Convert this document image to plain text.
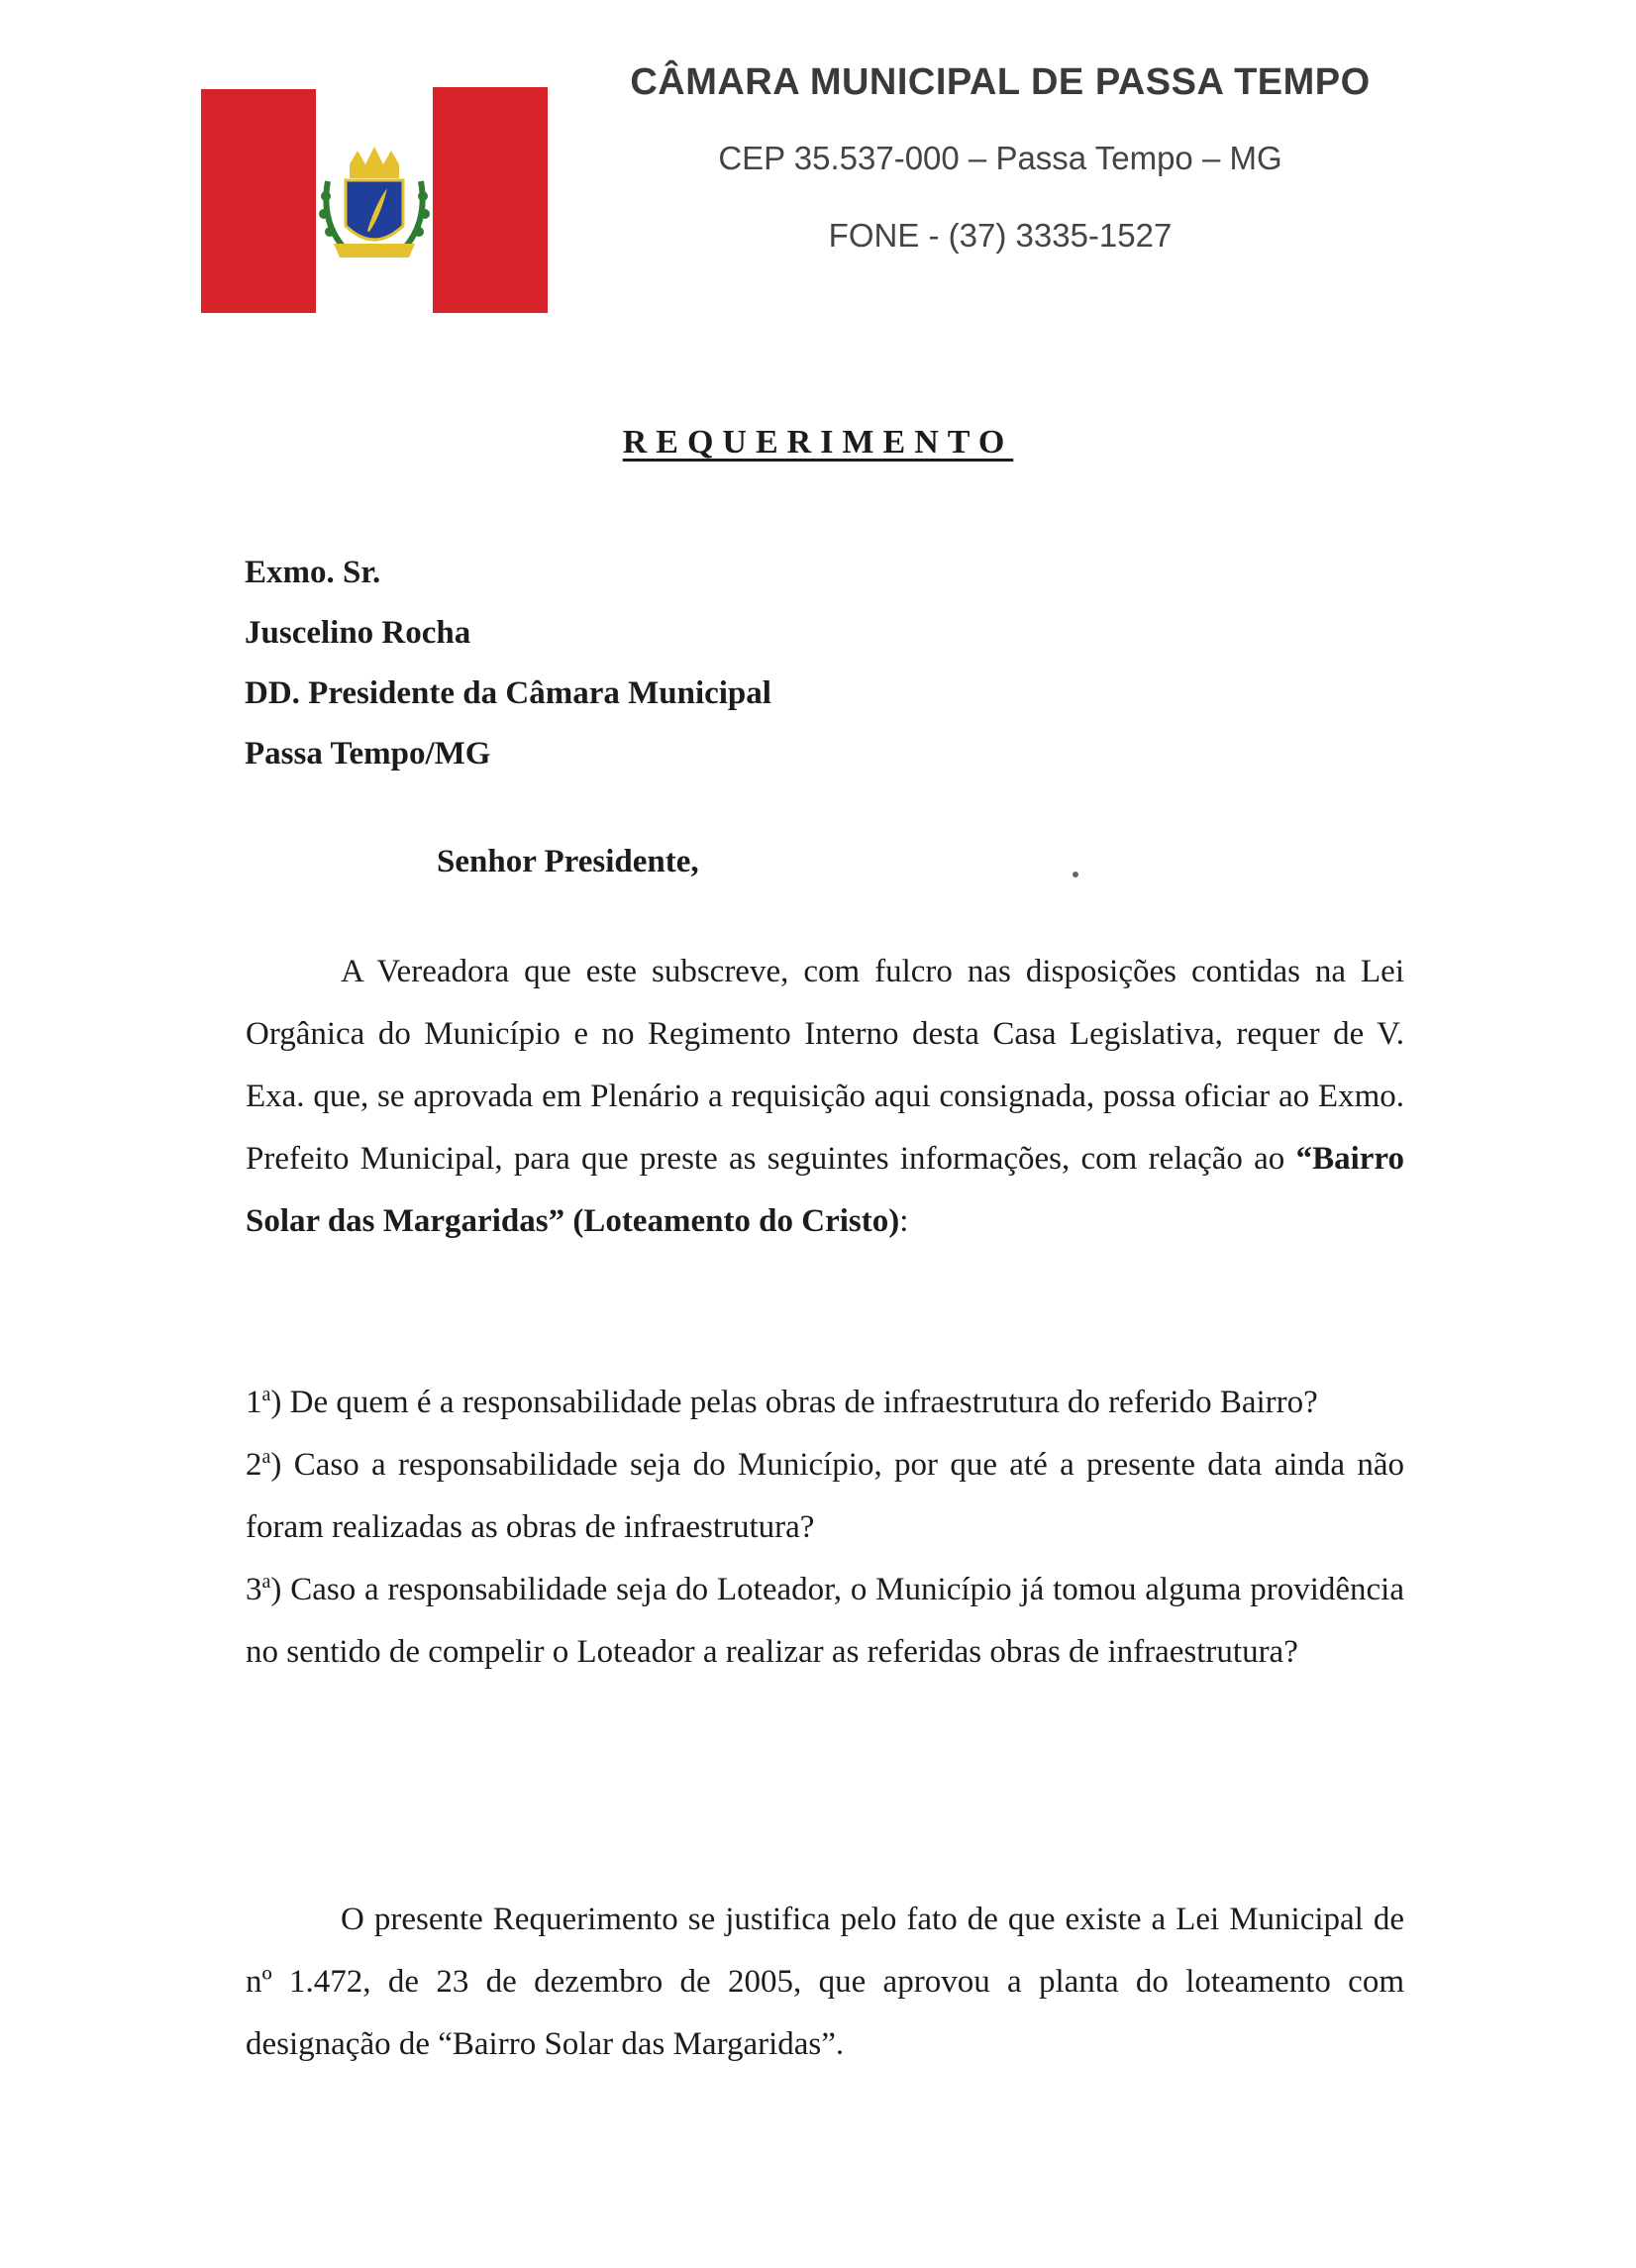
CÂMARA MUNICIPAL DE PASSA TEMPO

CEP 35.537-000 – Passa Tempo – MG
FONE - (37) 3335-1527
REQUERIMENTO
Exmo. Sr.
Juscelino Rocha
DD. Presidente da Câmara Municipal
Passa Tempo/MG
Senhor Presidente,
A Vereadora que este subscreve, com fulcro nas disposições contidas na Lei Orgânica do Município e no Regimento Interno desta Casa Legislativa, requer de V. Exa. que, se aprovada em Plenário a requisição aqui consignada, possa oficiar ao Exmo. Prefeito Municipal, para que preste as seguintes informações, com relação ao “Bairro Solar das Margaridas” (Loteamento do Cristo):

1$^a$) De quem é a responsabilidade pelas obras de infraestrutura do referido Bairro?

2$^a$) Caso a responsabilidade seja do Município, por que até a presente data ainda não foram realizadas as obras de infraestrutura?

3$^a$) Caso a responsabilidade seja do Loteador, o Município já tomou alguma providência no sentido de compelir o Loteador a realizar as referidas obras de infraestrutura?

O presente Requerimento se justifica pelo fato de que existe a Lei Municipal de nº 1.472, de 23 de dezembro de 2005, que aprovou a planta do loteamento com designação de “Bairro Solar das Margaridas”.
